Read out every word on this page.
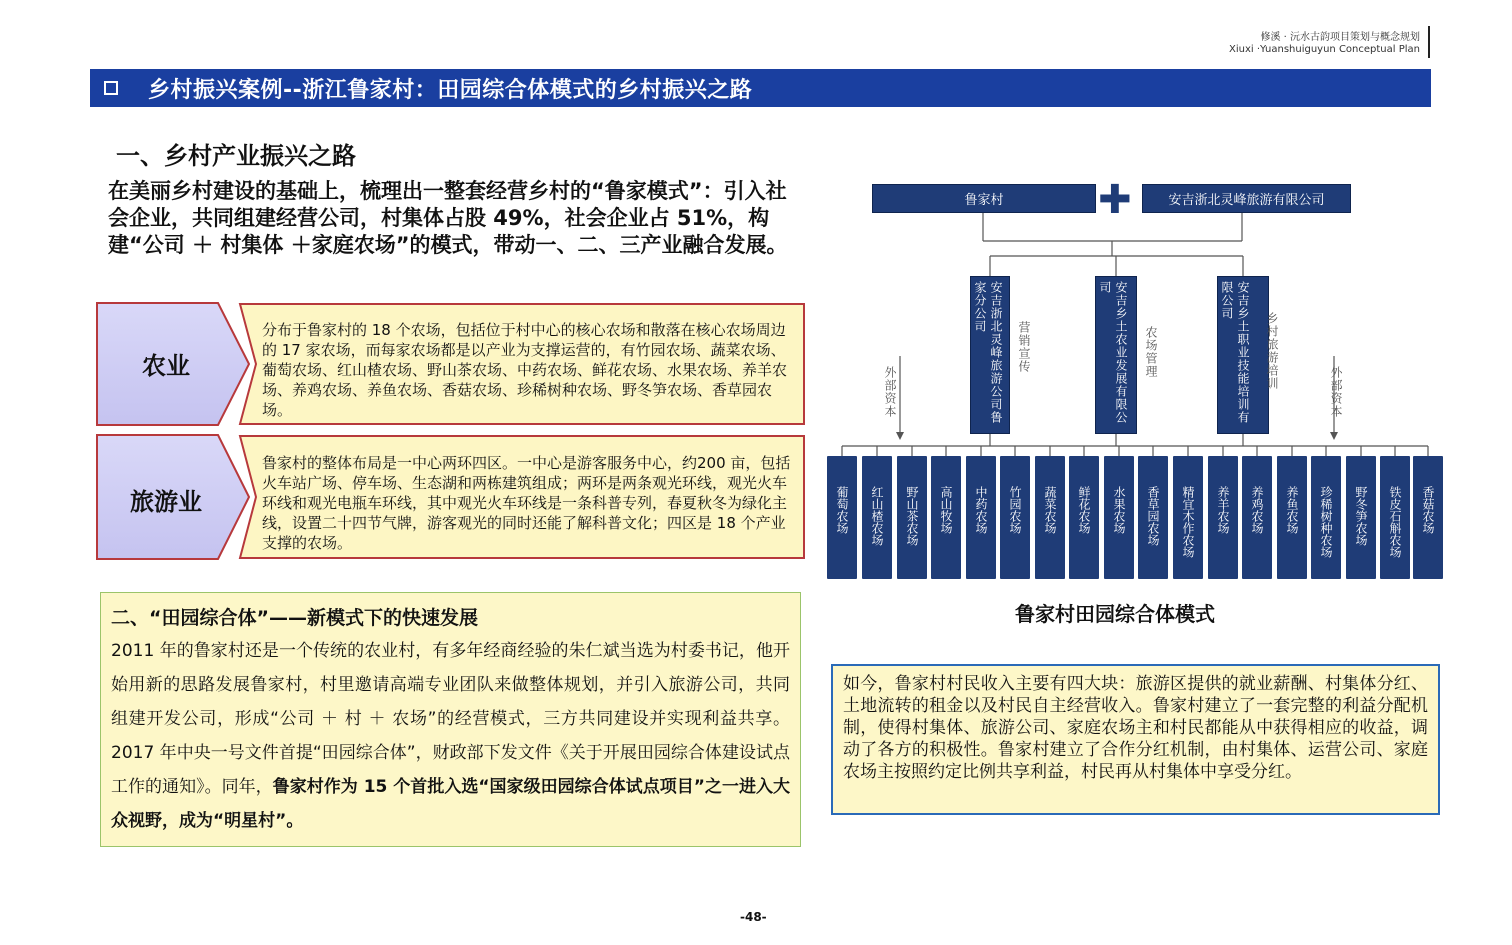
修溪 · 沅水古韵项目策划与概念规划
Xiuxi ·Yuanshuiguyun Conceptual Plan
乡村振兴案例--浙江鲁家村：田园综合体模式的乡村振兴之路
一、乡村产业振兴之路
在美丽乡村建设的基础上，梳理出一整套经营乡村的“鲁家模式”：引入社会企业，共同组建经营公司，村集体占股 49%，社会企业占 51%，构建“公司 ＋ 村集体 ＋家庭农场”的模式，带动一、二、三产业融合发展。
农业
分布于鲁家村的 18 个农场，包括位于村中心的核心农场和散落在核心农场周边的 17 家农场，而每家农场都是以产业为支撑运营的，有竹园农场、蔬菜农场、葡萄农场、红山楂农场、野山茶农场、中药农场、鲜花农场、水果农场、养羊农场、养鸡农场、养鱼农场、香菇农场、珍稀树种农场、野冬笋农场、香草园农场。
旅游业
鲁家村的整体布局是一中心两环四区。一中心是游客服务中心，约200 亩，包括火车站广场、停车场、生态湖和两栋建筑组成；两环是两条观光环线，观光火车环线和观光电瓶车环线，其中观光火车环线是一条科普专列，春夏秋冬为绿化主线，设置二十四节气牌，游客观光的同时还能了解科普文化；四区是 18 个产业支撑的农场。
二、“田园综合体”——新模式下的快速发展
2011 年的鲁家村还是一个传统的农业村，有多年经商经验的朱仁斌当选为村委书记，他开始用新的思路发展鲁家村，村里邀请高端专业团队来做整体规划，并引入旅游公司，共同组建开发公司，形成“公司 ＋ 村 ＋ 农场”的经营模式，三方共同建设并实现利益共享。2017 年中央一号文件首提“田园综合体”，财政部下发文件《关于开展田园综合体建设试点工作的通知》。同年，鲁家村作为 15 个首批入选“国家级田园综合体试点项目”之一进入大众视野，成为“明星村”。
鲁家村	✚	安吉浙北灵峰旅游有限公司
安吉浙北灵峰旅游公司鲁家分公司
营销宣传	安吉乡土农业发展有限公司
农场管理	安吉乡土职业技能培训有限公司
乡村旅游培训
外部资本	外部资本
葡萄农场 红山楂农场 野山茶农场 高山牧场 中药农场 竹园农场 蔬菜农场 鲜花农场 水果农场 香草园农场 精宜木作农场 养羊农场 养鸡农场 养鱼农场 珍稀树种农场 野冬笋农场 铁皮石斛农场 香菇农场
鲁家村田园综合体模式
如今，鲁家村村民收入主要有四大块：旅游区提供的就业薪酬、村集体分红、土地流转的租金以及村民自主经营收入。鲁家村建立了一套完整的利益分配机制，使得村集体、旅游公司、家庭农场主和村民都能从中获得相应的收益，调动了各方的积极性。鲁家村建立了合作分红机制，由村集体、运营公司、家庭农场主按照约定比例共享利益，村民再从村集体中享受分红。
-48-
